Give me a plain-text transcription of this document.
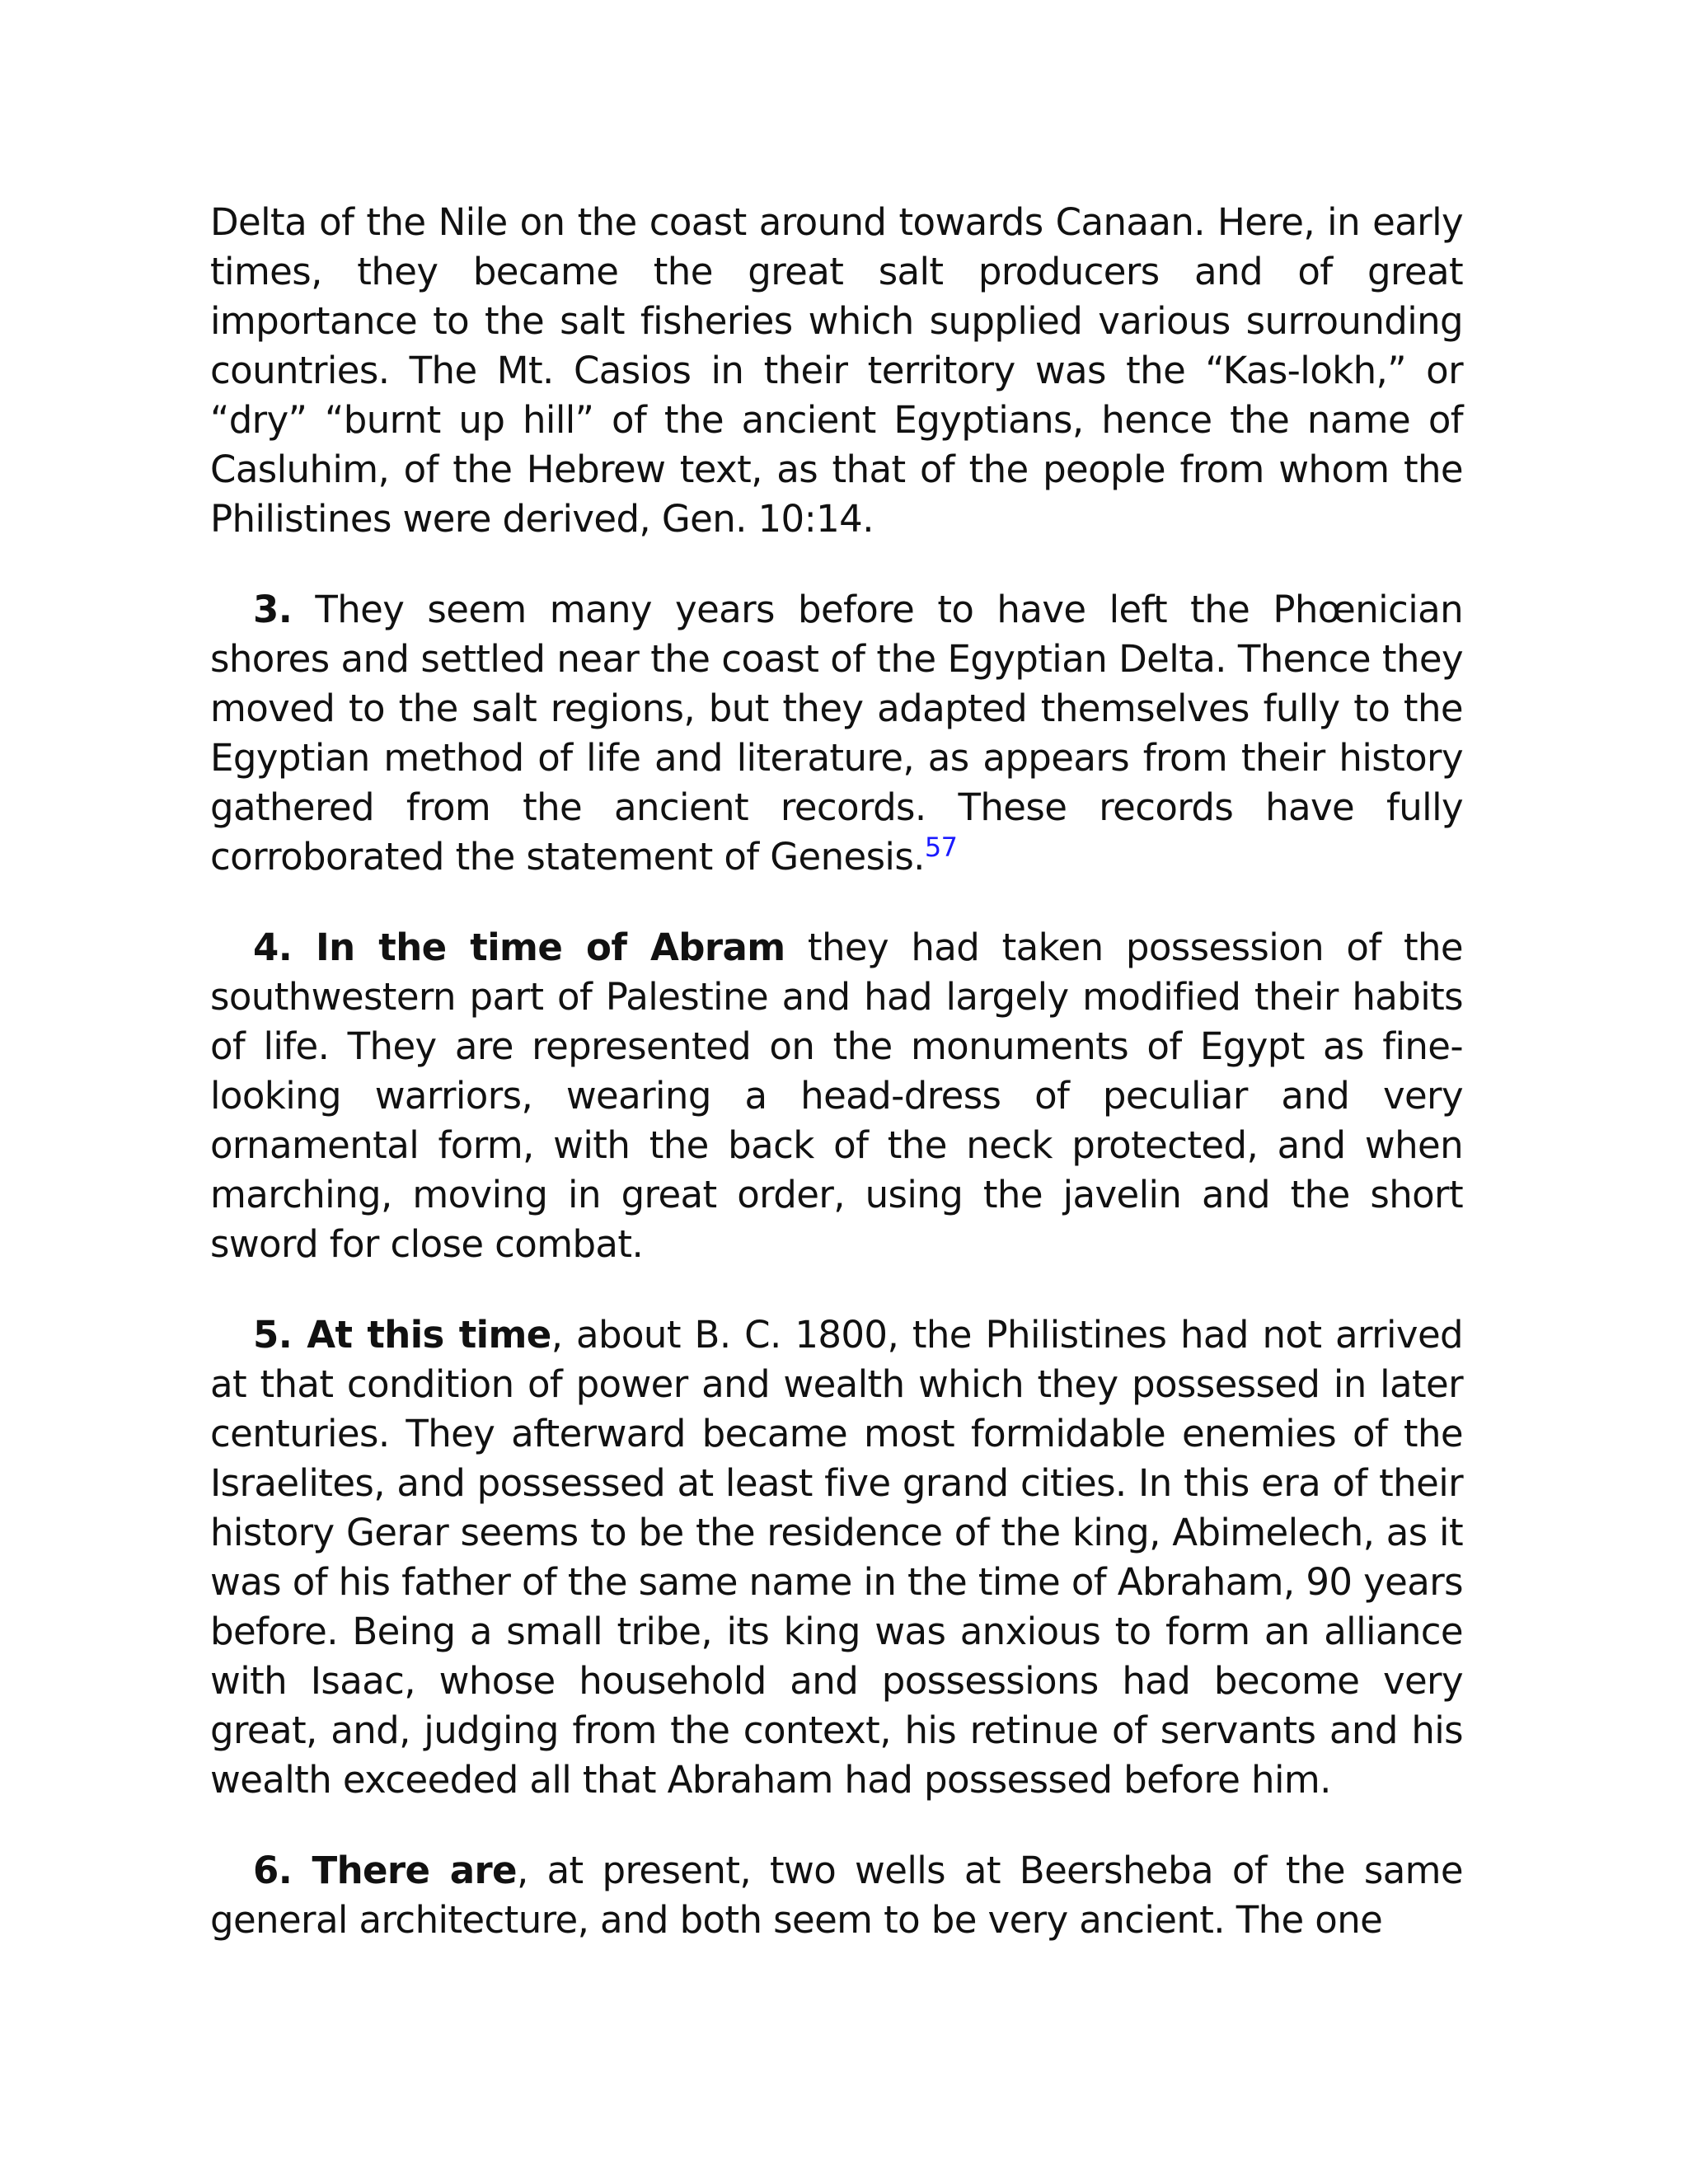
Delta of the Nile on the coast around towards Canaan. Here, in early times, they became the great salt producers and of great importance to the salt fisheries which supplied various surrounding countries. The Mt. Casios in their territory was the “Kas-lokh,” or “dry” “burnt up hill” of the ancient Egyptians, hence the name of Casluhim, of the Hebrew text, as that of the people from whom the Philistines were derived, Gen. 10:14.

3. They seem many years before to have left the Phœnician shores and settled near the coast of the Egyptian Delta. Thence they moved to the salt regions, but they adapted themselves fully to the Egyptian method of life and literature, as appears from their history gathered from the ancient records. These records have fully corroborated the statement of Genesis.$^{57}$

4. In the time of Abram they had taken possession of the southwestern part of Palestine and had largely modified their habits of life. They are represented on the monuments of Egypt as fine-looking warriors, wearing a head-dress of peculiar and very ornamental form, with the back of the neck protected, and when marching, moving in great order, using the javelin and the short sword for close combat.

5. At this time, about B. C. 1800, the Philistines had not arrived at that condition of power and wealth which they possessed in later centuries. They afterward became most formidable enemies of the Israelites, and possessed at least five grand cities. In this era of their history Gerar seems to be the residence of the king, Abimelech, as it was of his father of the same name in the time of Abraham, 90 years before. Being a small tribe, its king was anxious to form an alliance with Isaac, whose household and possessions had become very great, and, judging from the context, his retinue of servants and his wealth exceeded all that Abraham had possessed before him.

6. There are, at present, two wells at Beersheba of the same general architecture, and both seem to be very ancient. The one
